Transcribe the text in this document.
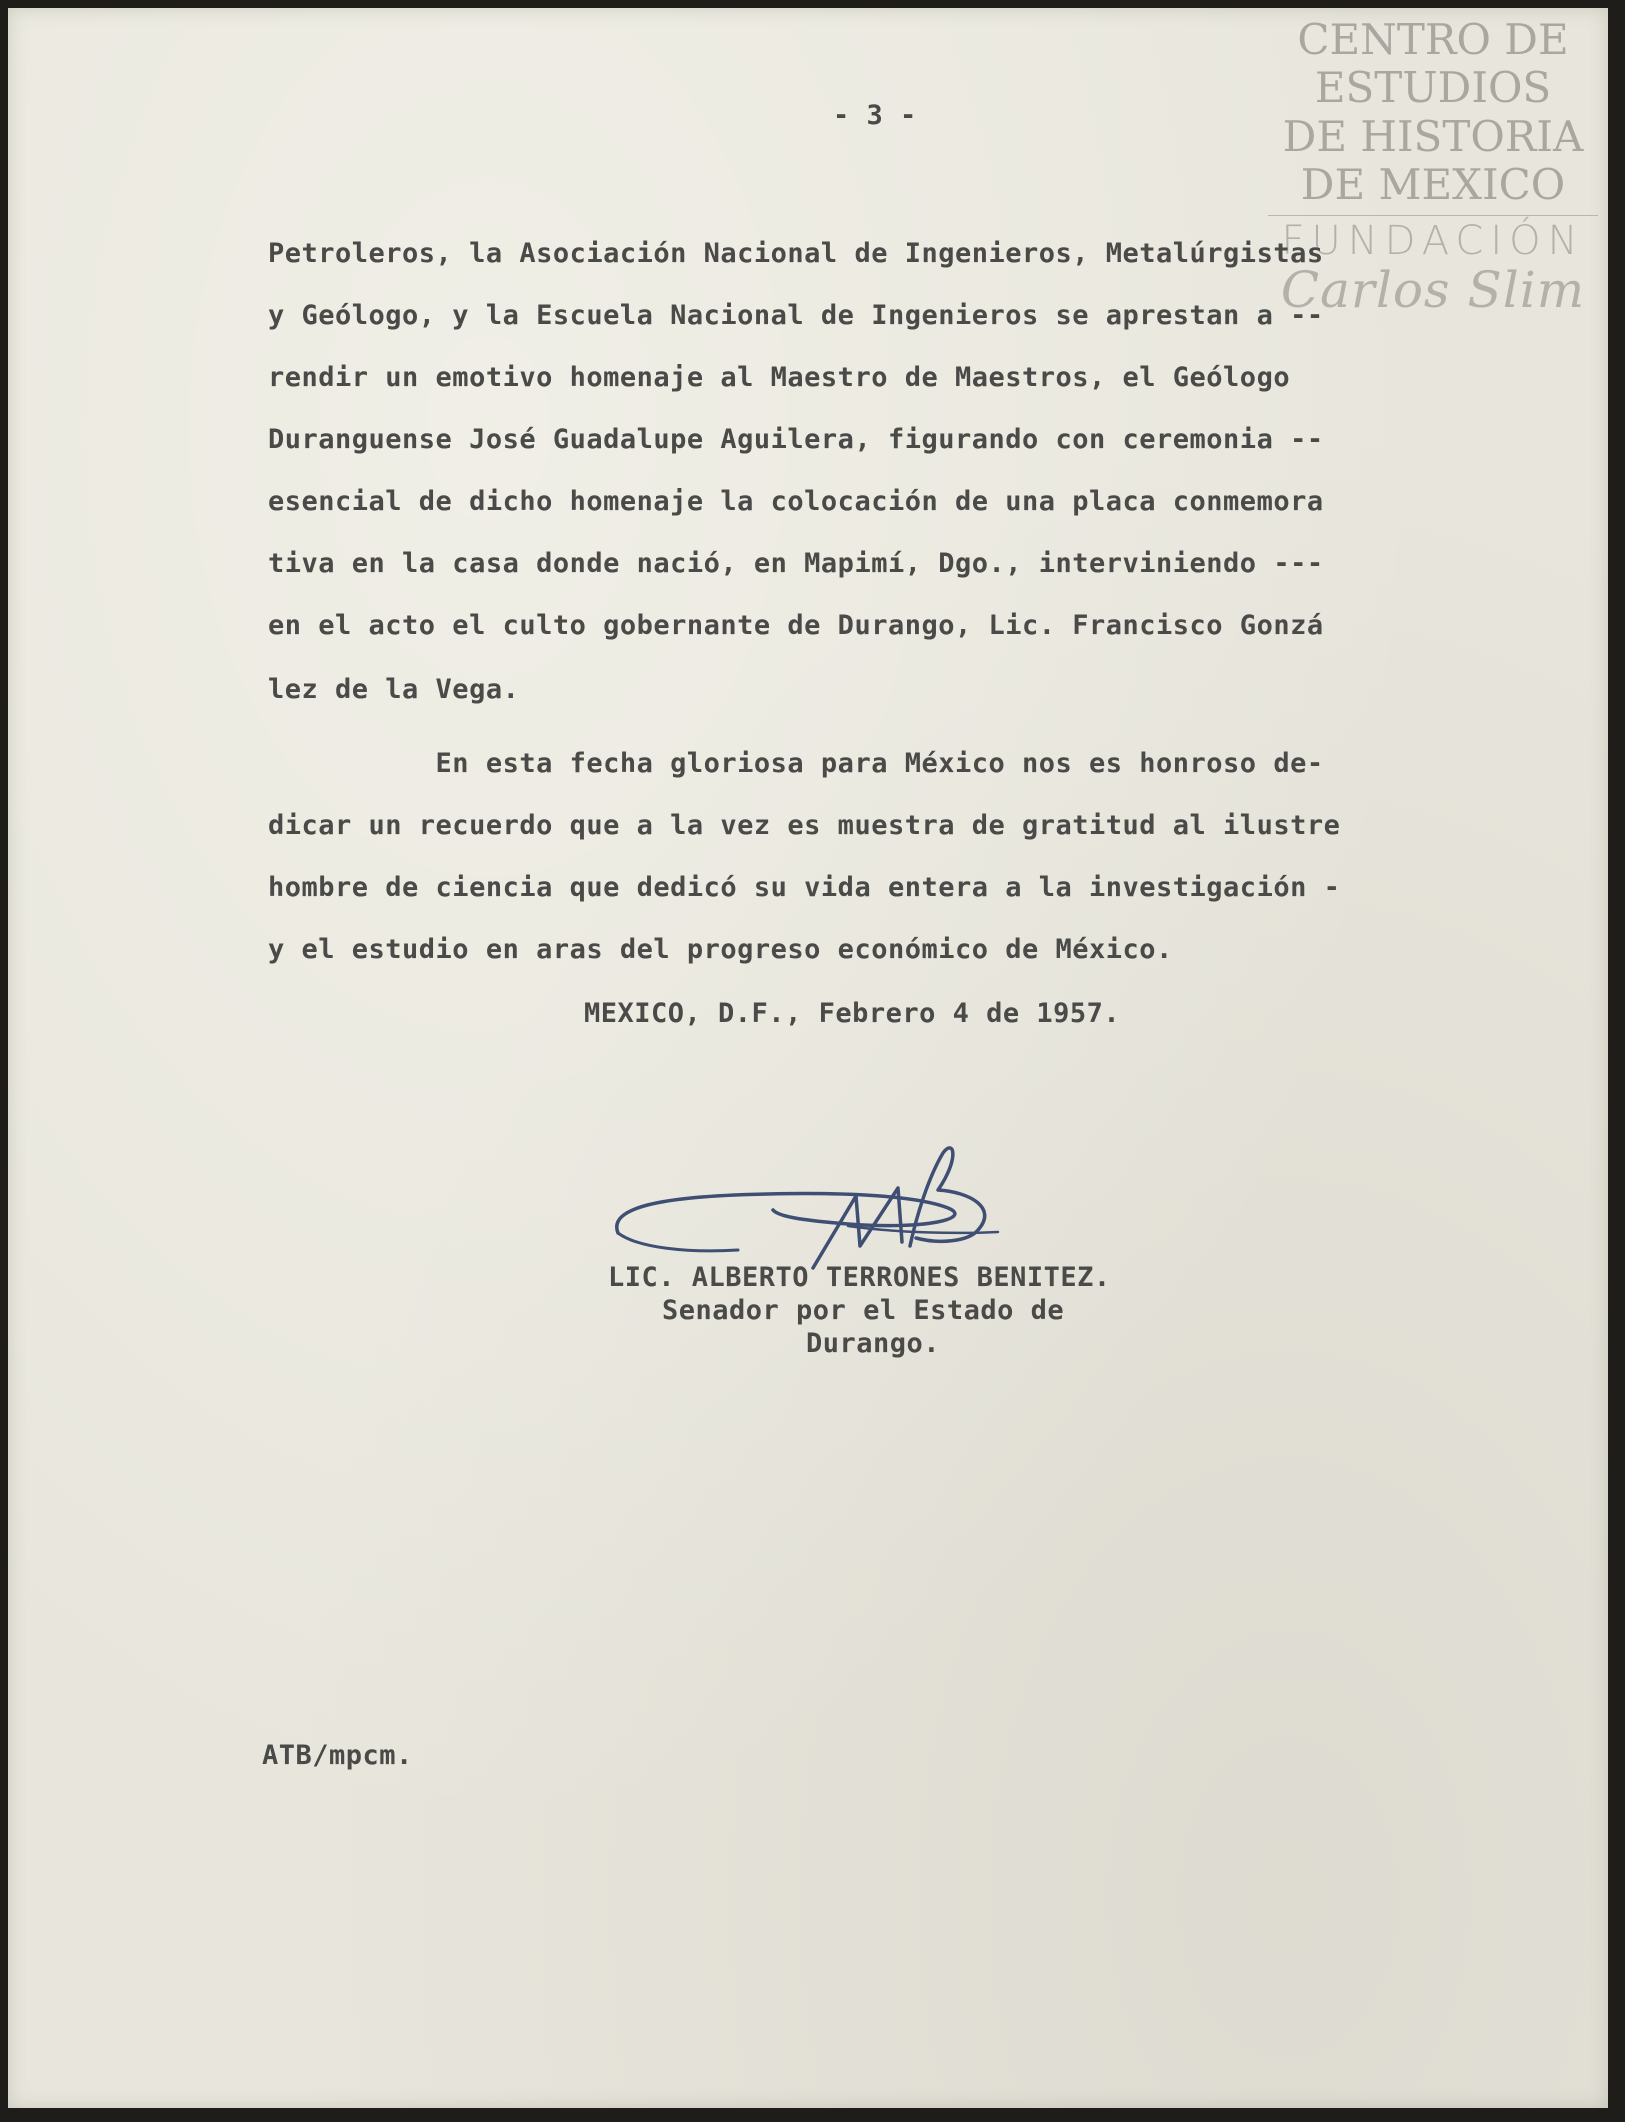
CENTRO DE
ESTUDIOS
DE HISTORIA
DE MEXICO
FUNDACIÓN
Carlos Slim
- 3 -
Petroleros, la Asociación Nacional de Ingenieros, Metalúrgistas
y Geólogo, y la Escuela Nacional de Ingenieros se aprestan a --
rendir un emotivo homenaje al Maestro de Maestros, el Geólogo
Duranguense José Guadalupe Aguilera, figurando con ceremonia --
esencial de dicho homenaje la colocación de una placa conmemora
tiva en la casa donde nació, en Mapimí, Dgo., interviniendo ---
en el acto el culto gobernante de Durango, Lic. Francisco Gonzá
lez de la Vega.
En esta fecha gloriosa para México nos es honroso de-
dicar un recuerdo que a la vez es muestra de gratitud al ilustre
hombre de ciencia que dedicó su vida entera a la investigación -
y el estudio en aras del progreso económico de México.
MEXICO, D.F., Febrero 4 de 1957.
LIC. ALBERTO TERRONES BENITEZ.
Senador por el Estado de
Durango.
ATB/mpcm.
